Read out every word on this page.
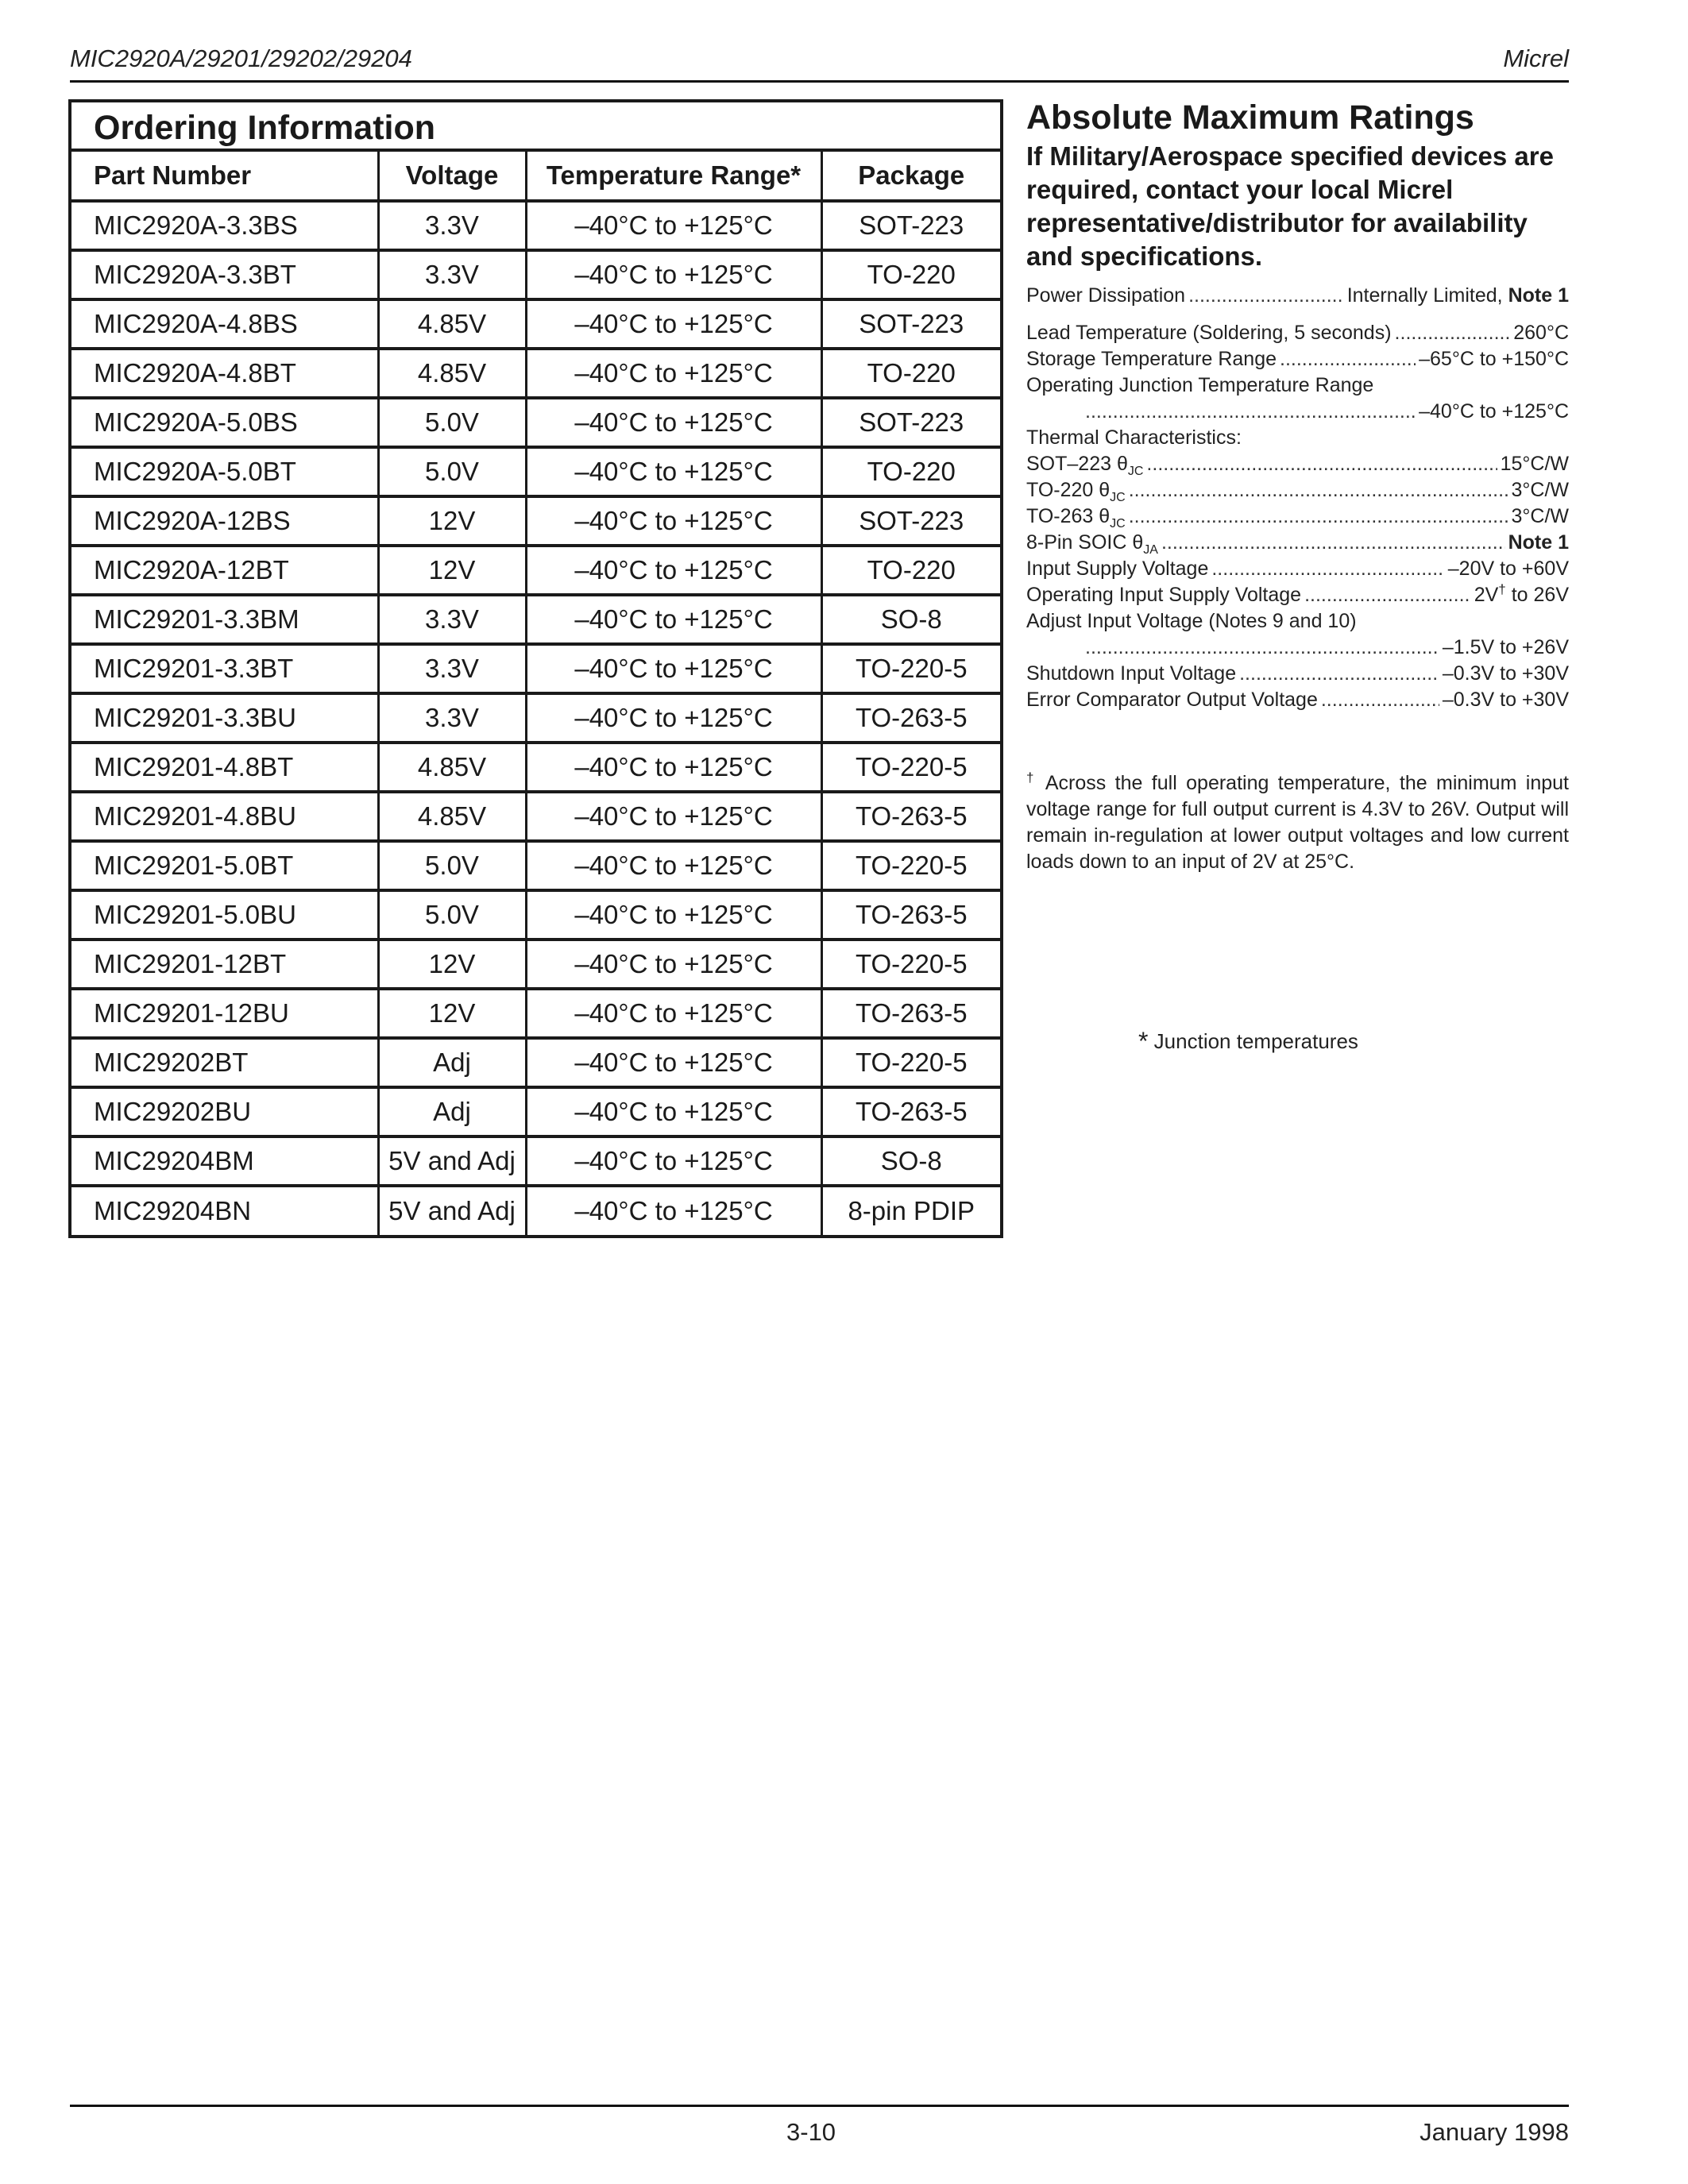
MIC2920A/29201/29202/29204	Micrel
Ordering Information
Part Number	Voltage	Temperature Range*	Package
MIC2920A-3.3BS	3.3V	–40°C to +125°C	SOT-223
MIC2920A-3.3BT	3.3V	–40°C to +125°C	TO-220
MIC2920A-4.8BS	4.85V	–40°C to +125°C	SOT-223
MIC2920A-4.8BT	4.85V	–40°C to +125°C	TO-220
MIC2920A-5.0BS	5.0V	–40°C to +125°C	SOT-223
MIC2920A-5.0BT	5.0V	–40°C to +125°C	TO-220
MIC2920A-12BS	12V	–40°C to +125°C	SOT-223
MIC2920A-12BT	12V	–40°C to +125°C	TO-220
MIC29201-3.3BM	3.3V	–40°C to +125°C	SO-8
MIC29201-3.3BT	3.3V	–40°C to +125°C	TO-220-5
MIC29201-3.3BU	3.3V	–40°C to +125°C	TO-263-5
MIC29201-4.8BT	4.85V	–40°C to +125°C	TO-220-5
MIC29201-4.8BU	4.85V	–40°C to +125°C	TO-263-5
MIC29201-5.0BT	5.0V	–40°C to +125°C	TO-220-5
MIC29201-5.0BU	5.0V	–40°C to +125°C	TO-263-5
MIC29201-12BT	12V	–40°C to +125°C	TO-220-5
MIC29201-12BU	12V	–40°C to +125°C	TO-263-5
MIC29202BT	Adj	–40°C to +125°C	TO-220-5
MIC29202BU	Adj	–40°C to +125°C	TO-263-5
MIC29204BM	5V and Adj	–40°C to +125°C	SO-8
MIC29204BN	5V and Adj	–40°C to +125°C	8-pin PDIP
Absolute Maximum Ratings
If Military/Aerospace specified devices are required, contact your local Micrel representative/distributor for availability and specifications.
Power Dissipation .....	Internally Limited, Note 1
Lead Temperature (Soldering, 5 seconds) .....	260°C
Storage Temperature Range .....	–65°C to +150°C
Operating Junction Temperature Range
.....
–40°C to +125°C
Thermal Characteristics:
SOT–223 $\theta_{JC}$ .....	15°C/W
TO-220 $\theta_{JC}$ .....	3°C/W
TO-263 $\theta_{JC}$ .....	3°C/W
8-Pin SOIC $\theta_{JA}$ .....	Note 1
Input Supply Voltage .....	–20V to +60V
Operating Input Supply Voltage .....	2V† to 26V
Adjust Input Voltage (Notes 9 and 10)
.....
–1.5V to +26V
Shutdown Input Voltage .....	–0.3V to +30V
Error Comparator Output Voltage .....	–0.3V to +30V
† Across the full operating temperature, the minimum input voltage range for full output current is 4.3V to 26V. Output will remain in-regulation at lower output voltages and low current loads down to an input of 2V at 25°C.
* Junction temperatures
3-10	January 1998
